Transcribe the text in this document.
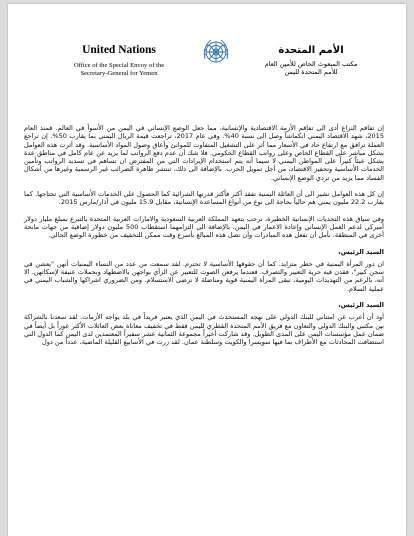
United Nations
Office of the Special Envoy of the
Secretary-General for Yemen
الأمم المتحدة
مكتب المبعوث الخاص للأمين العام
للأمم المتحدة لليمن

إن تفاقم النزاع أدى الى تفاقم الأزمة الاقتصادية والإنسانية، مما جعل الوضع الإنساني في اليمن من الأسوأ في العالم. فمنذ العام 2015، شهد الاقتصاد اليمني انكماشاً وصل الى نسبة 40%. وفي عام 2017، تراجعت قيمة الريال اليمني بما يقارب 50%. إن تراجع العملة ترافق مع ارتفاع حاد في الأسعار مما أثر على التشغيل المتفاوت للموانئ وأعاق وصول المواد الأساسية. وقد أثرت هذه العوامل بشكل مباشر على القطاع الخاص وعلى رواتب القطاع الحكومي. فلا شك أن عدم دفع الرواتب لما يزيد عن عام كامل في مناطق عدة يشكل عبئاً كبيراً على المواطن اليمني لا سيما أنه يتم استخدام الإيرادات التي من المفترض ان تساهم في تسديد الرواتب وتأمين الخدمات الأساسية وتحفيز الاقتصاد، من أجل تمويل الحرب. بالإضافة الى ذلك، تنتشر ظاهرة الضرائب غير الرسمية وغيرها من أشكال الفساد مما يزيد من تردي الوضع الإنساني.

إن كل هذه العوامل تشير الى أن العائلة اليمنية تفقد أكثر فأكثر قدرتها الشرائية كما الحصول على الخدمات الأساسية التي تحتاجها. كما يقارب 22.2 مليون يمني هم حالياً بحاجة الى نوع من أنواع المساعدة الإنسانية، مقابل 15.9 مليون في آذار/مارس 2015.

وفي سياق هذه التحديات الإنسانية الخطيرة، نرحب بتعهد المملكة العربية السعودية والامارات العربية المتحدة بالتبرع بمبلغ مليار دولار أميركي لدعم العمل الإنساني وإعادة الاعمار في اليمن، بالإضافة الى التزامهما استقطاب 500 مليون دولار إضافية من جهات مانحة أخرى في المنطقة. نأمل أن تفعل هذه المبادرات وأن تصل هذه المبالغ بأسرع وقت ممكن للتخفيف من خطورة الوضع الحالي.

السيد الرئيس،

ان دور المرأة اليمنية في خطر متزايد. كما أن حقوقها الأساسية لا تحترم. لقد سمعت من عدد من النساء اليمنيات أنهن "يعشن في سجن كبير"، فقدن فيه حرية التعبير والتصرف. فعندما يرفعن الصوت للتعبير عن الرأي يواجهن بالاضطهاد وبحملات عنيفة لإسكاتهن. الا أنه، بالرغم من التهديدات اليومية، تبقى المرأة اليمنية قوية ومناضلة لا ترضى الاستسلام. ومن الضروري اشراكها والشباب اليمني في عملية السلام.

السيد الرئيس،

أود أن أعرب عن امتناني للبنك الدولي على نهجه المستحدث في اليمن الذي يعتبر فريداً في بلد يواجه الأزمات. لقد سعدنا بالشراكة بين مكتبي والبنك الدولي والتعاون مع فريق الأمم المتحدة القطري لليمن فقط في تخفيف معاناة بعض العائلات الأكثر عوزاً بل أيضاً في ضمان عمل مؤسسات اليمن على المدى الطويل. وقد شاركت أخيراً مجموعة الثمانية عشر سفيراً المعتمدين لدى اليمن كما الدول التي استضافت المحادثات مع الأطراف بما فيها سويسرا والكويت وسلطنة عمان. لقد زرت في الأسابيع القليلة الماضية، عدداً من دول
